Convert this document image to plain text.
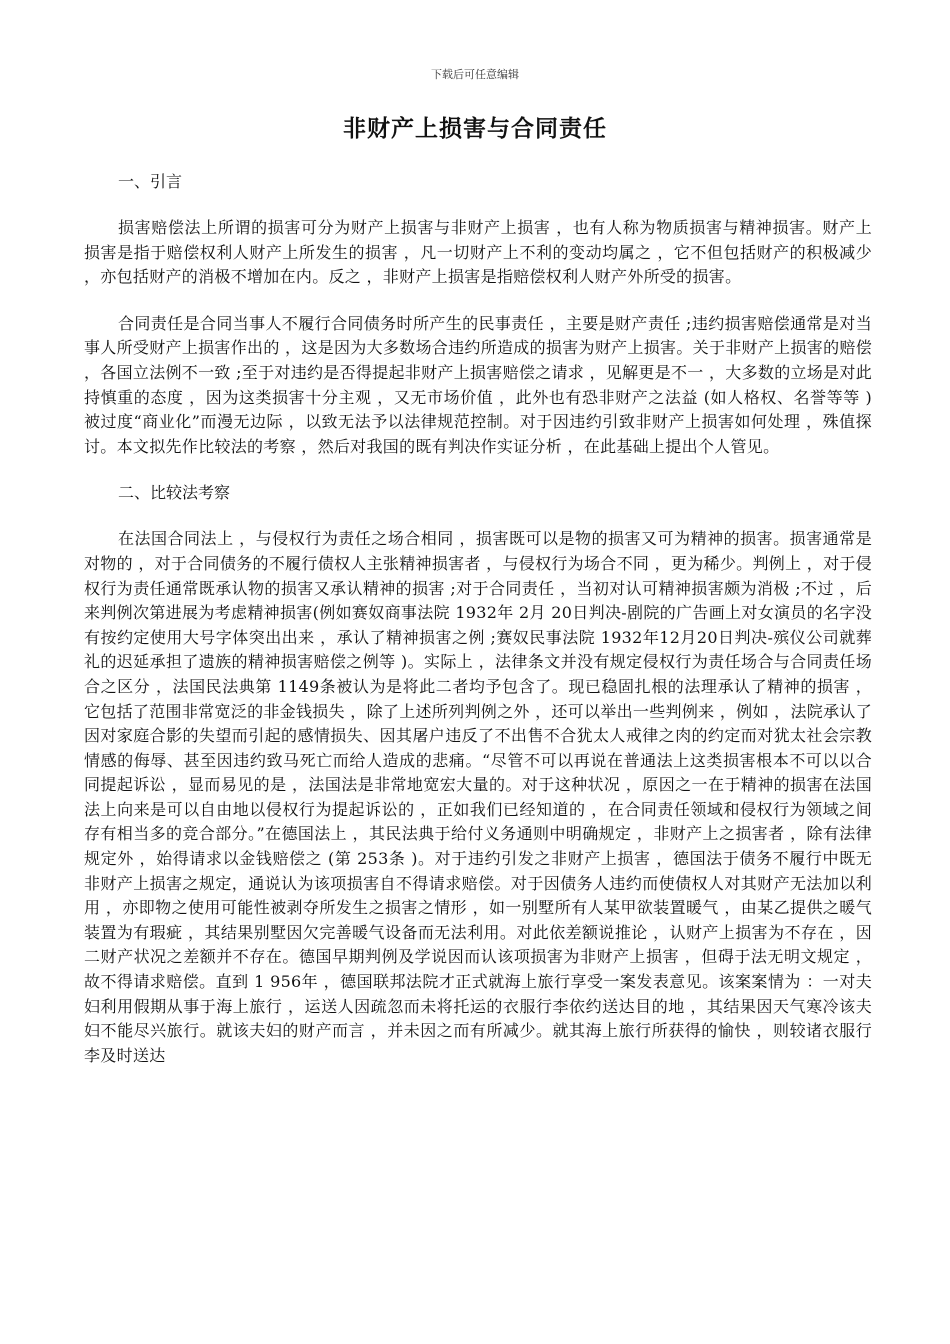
下载后可任意编辑
非财产上损害与合同责任

一、引言

损害赔偿法上所谓的损害可分为财产上损害与非财产上损害 ，也有人称为物质损害与精神损害。财产上损害是指于赔偿权利人财产上所发生的损害 ，凡一切财产上不利的变动均属之 ，它不但包括财产的积极减少 ，亦包括财产的消极不增加在内。反之 ，非财产上损害是指赔偿权利人财产外所受的损害。

合同责任是合同当事人不履行合同债务时所产生的民事责任 ，主要是财产责任 ;违约损害赔偿通常是对当事人所受财产上损害作出的 ，这是因为大多数场合违约所造成的损害为财产上损害。关于非财产上损害的赔偿 ，各国立法例不一致 ;至于对违约是否得提起非财产上损害赔偿之请求 ，见解更是不一 ，大多数的立场是对此持慎重的态度 ，因为这类损害十分主观 ，又无市场价值 ，此外也有恐非财产之法益 (如人格权、名誉等等 )被过度“商业化”而漫无边际 ，以致无法予以法律规范控制。对于因违约引致非财产上损害如何处理 ，殊值探讨。本文拟先作比较法的考察 ，然后对我国的既有判决作实证分析 ，在此基础上提出个人管见。

二、比较法考察

在法国合同法上 ，与侵权行为责任之场合相同 ，损害既可以是物的损害又可为精神的损害。损害通常是对物的 ，对于合同债务的不履行债权人主张精神损害者 ，与侵权行为场合不同 ，更为稀少。判例上 ，对于侵权行为责任通常既承认物的损害又承认精神的损害 ;对于合同责任 ，当初对认可精神损害颇为消极 ;不过 ，后来判例次第进展为考虑精神损害(例如赛奴商事法院 1932年 2月 20日判决-剧院的广告画上对女演员的名字没有按约定使用大号字体突出出来 ，承认了精神损害之例 ;赛奴民事法院 1932年12月20日判决-殡仪公司就葬礼的迟延承担了遗族的精神损害赔偿之例等 )。实际上 ，法律条文并没有规定侵权行为责任场合与合同责任场合之区分 ，法国民法典第 1149条被认为是将此二者均予包含了。现已稳固扎根的法理承认了精神的损害 ，它包括了范围非常宽泛的非金钱损失 ，除了上述所列判例之外 ，还可以举出一些判例来 ，例如 ，法院承认了因对家庭合影的失望而引起的感情损失、因其屠户违反了不出售不合犹太人戒律之肉的约定而对犹太社会宗教情感的侮辱、甚至因违约致马死亡而给人造成的悲痛。“尽管不可以再说在普通法上这类损害根本不可以以合同提起诉讼 ，显而易见的是 ，法国法是非常地宽宏大量的。对于这种状况 ，原因之一在于精神的损害在法国法上向来是可以自由地以侵权行为提起诉讼的 ，正如我们已经知道的 ，在合同责任领域和侵权行为领域之间存有相当多的竞合部分。”在德国法上 ，其民法典于给付义务通则中明确规定 ，非财产上之损害者 ，除有法律规定外 ，始得请求以金钱赔偿之 (第 253条 )。对于违约引发之非财产上损害 ，德国法于债务不履行中既无非财产上损害之规定，通说认为该项损害自不得请求赔偿。对于因债务人违约而使债权人对其财产无法加以利用 ，亦即物之使用可能性被剥夺所发生之损害之情形 ，如一别墅所有人某甲欲装置暖气 ，由某乙提供之暖气装置为有瑕疵 ，其结果别墅因欠完善暖气设备而无法利用。对此依差额说推论 ，认财产上损害为不存在 ，因二财产状况之差额并不存在。德国早期判例及学说因而认该项损害为非财产上损害 ，但碍于法无明文规定 ，故不得请求赔偿。直到 1 956年 ，德国联邦法院才正式就海上旅行享受一案发表意见。该案案情为 ：一对夫妇利用假期从事于海上旅行 ，运送人因疏忽而未将托运的衣服行李依约送达目的地 ，其结果因天气寒冷该夫妇不能尽兴旅行。就该夫妇的财产而言 ，并未因之而有所减少。就其海上旅行所获得的愉快 ，则较诸衣服行李及时送达
